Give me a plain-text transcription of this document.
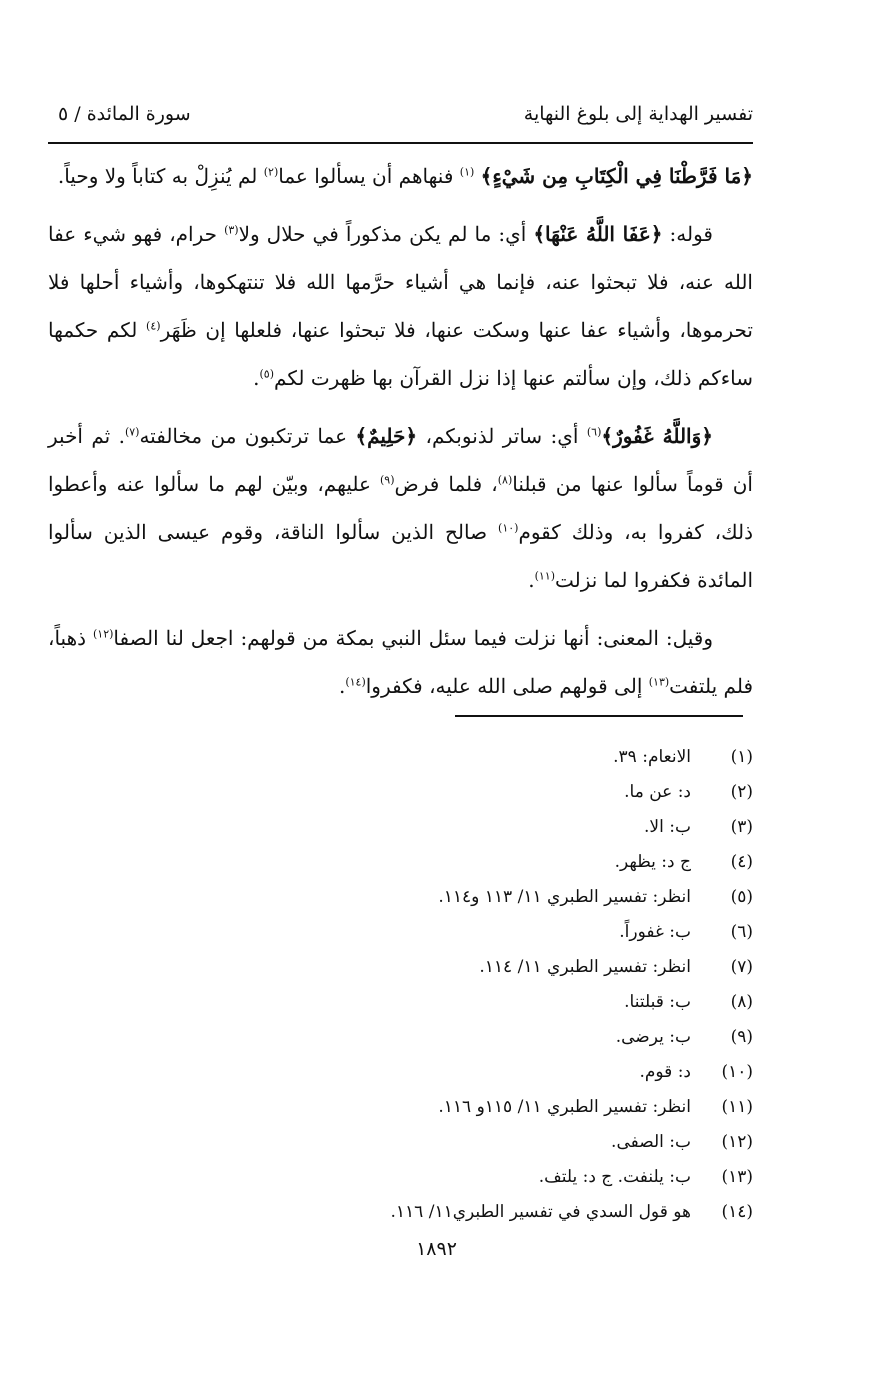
تفسير الهداية إلى بلوغ النهاية
سورة المائدة / ٥

﴿مَا فَرَّطْنَا فِي الْكِتَابِ مِن شَيْءٍ﴾ $^{(١)}$ فنهاهم أن يسألوا عما$^{(٢)}$ لم يُنزِلْ به كتاباً ولا وحياً.

قوله: ﴿عَفَا اللَّهُ عَنْهَا﴾ أي: ما لم يكن مذكوراً في حلال ولا$^{(٣)}$ حرام، فهو شيء عفا الله عنه، فلا تبحثوا عنه، فإنما هي أشياء حرَّمها الله فلا تنتهكوها، وأشياء أحلها فلا تحرموها، وأشياء عفا عنها وسكت عنها، فلا تبحثوا عنها، فلعلها إن ظَهَر$^{(٤)}$ لكم حكمها ساءكم ذلك، وإن سألتم عنها إذا نزل القرآن بها ظهرت لكم$^{(٥)}$.

﴿وَاللَّهُ غَفُورٌ﴾$^{(٦)}$ أي: ساتر لذنوبكم، ﴿حَلِيمٌ﴾ عما ترتكبون من مخالفته$^{(٧)}$. ثم أخبر أن قوماً سألوا عنها من قبلنا$^{(٨)}$، فلما فرض$^{(٩)}$ عليهم، وبيّن لهم ما سألوا عنه وأعطوا ذلك، كفروا به، وذلك كقوم$^{(١٠)}$ صالح الذين سألوا الناقة، وقوم عيسى الذين سألوا المائدة فكفروا لما نزلت$^{(١١)}$.

وقيل: المعنى: أنها نزلت فيما سئل النبي بمكة من قولهم: اجعل لنا الصفا$^{(١٢)}$ ذهباً، فلم يلتفت$^{(١٣)}$ إلى قولهم صلى الله عليه، فكفروا$^{(١٤)}$.

(١)
الانعام: ٣٩.
(٢)
د: عن ما.
(٣)
ب: الا.
(٤)
ج د: يظهر.
(٥)
انظر: تفسير الطبري ١١/ ١١٣ و١١٤.
(٦)
ب: غفوراً.
(٧)
انظر: تفسير الطبري ١١/ ١١٤.
(٨)
ب: قبلتنا.
(٩)
ب: يرضى.
(١٠)
د: قوم.
(١١)
انظر: تفسير الطبري ١١/ ١١٥و ١١٦.
(١٢)
ب: الصفى.
(١٣)
ب: يلنفت. ج د: يلتف.
(١٤)
هو قول السدي في تفسير الطبري١١/ ١١٦.
١٨٩٢
